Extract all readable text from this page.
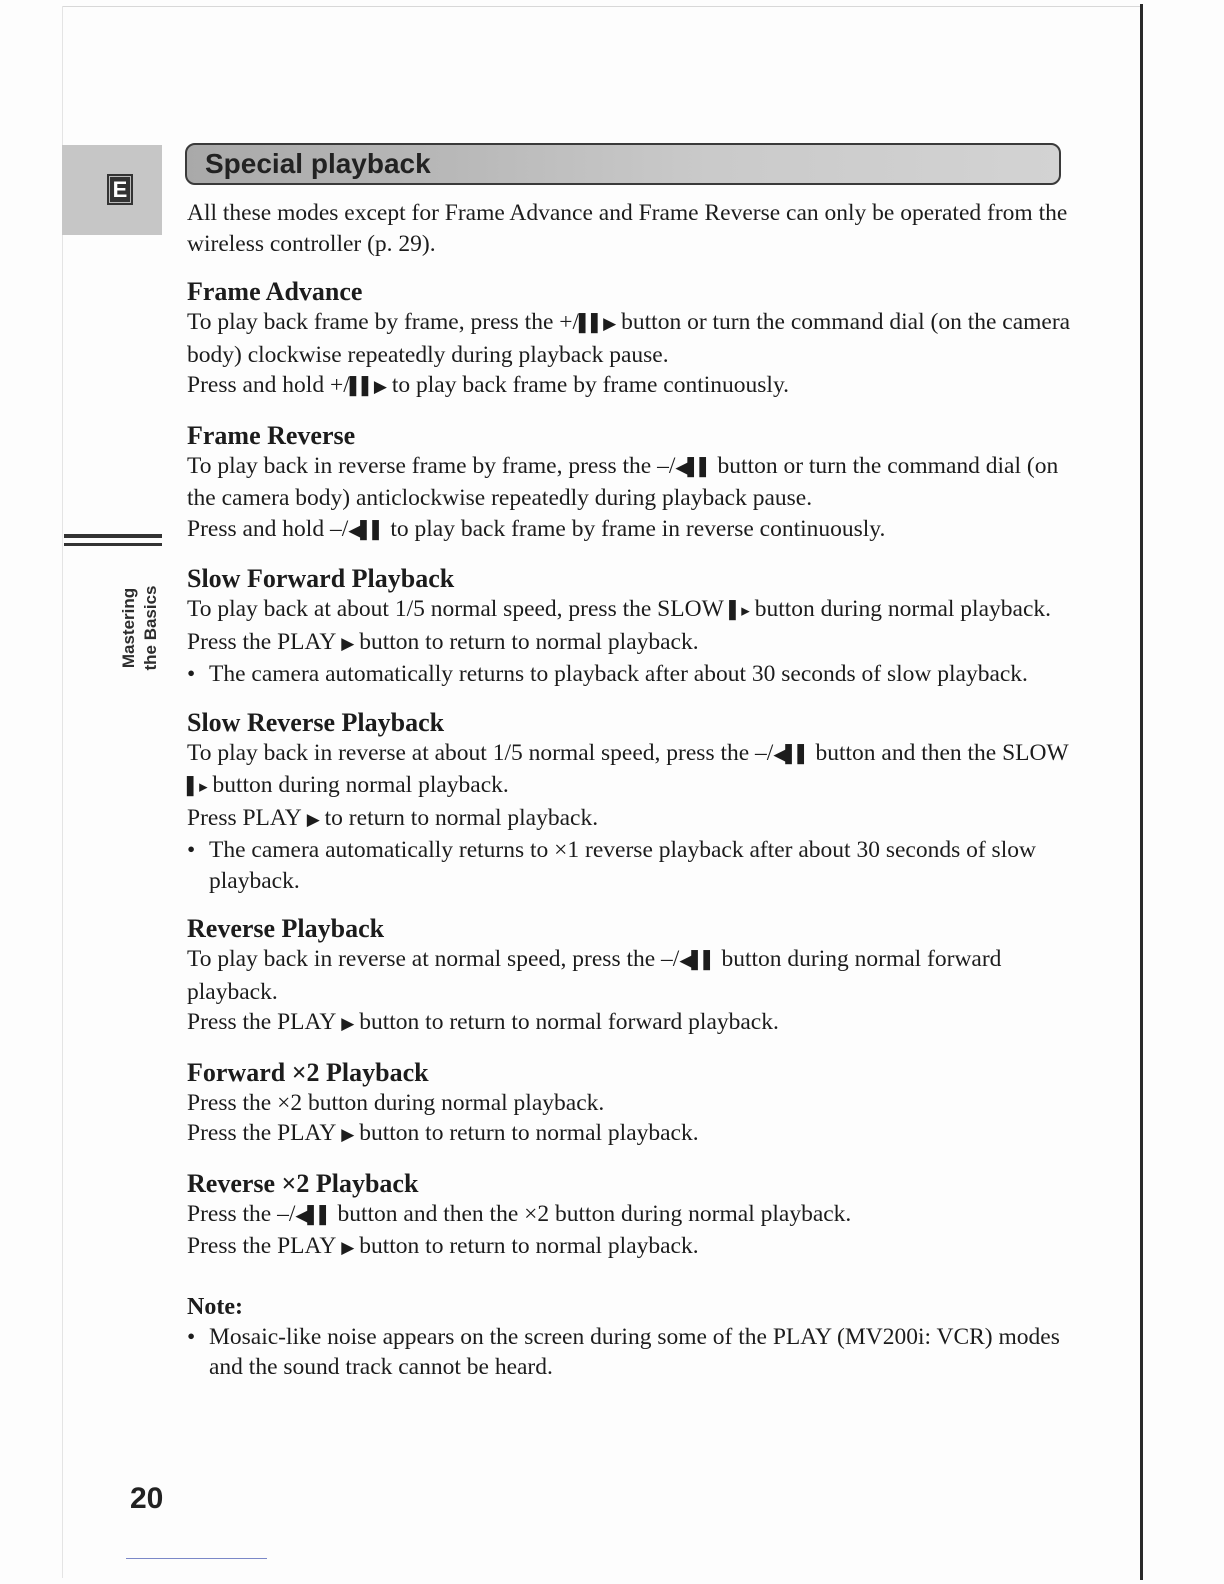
E
Mastering the Basics
Special playback

All these modes except for Frame Advance and Frame Reverse can only be operated from the wireless controller (p. 29).

Frame Advance

To play back frame by frame, press the +/▌▌▶ button or turn the command dial (on the camera body) clockwise repeatedly during playback pause.

Press and hold +/▌▌▶ to play back frame by frame continuously.

Frame Reverse

To play back in reverse frame by frame, press the –/◀▌▌ button or turn the command dial (on the camera body) anticlockwise repeatedly during playback pause.

Press and hold –/◀▌▌ to play back frame by frame in reverse continuously.

Slow Forward Playback

To play back at about 1/5 normal speed, press the SLOW ▌▸ button during normal playback.

Press the PLAY ▶ button to return to normal playback.

• The camera automatically returns to playback after about 30 seconds of slow playback.

Slow Reverse Playback

To play back in reverse at about 1/5 normal speed, press the –/◀▌▌ button and then the SLOW ▌▸ button during normal playback.

Press PLAY ▶ to return to normal playback.

• The camera automatically returns to ×1 reverse playback after about 30 seconds of slow playback.

Reverse Playback

To play back in reverse at normal speed, press the –/◀▌▌ button during normal forward playback.

Press the PLAY ▶ button to return to normal forward playback.

Forward ×2 Playback

Press the ×2 button during normal playback.

Press the PLAY ▶ button to return to normal playback.

Reverse ×2 Playback

Press the –/◀▌▌ button and then the ×2 button during normal playback.

Press the PLAY ▶ button to return to normal playback.

Note:

• Mosaic-like noise appears on the screen during some of the PLAY (MV200i: VCR) modes and the sound track cannot be heard.

20
